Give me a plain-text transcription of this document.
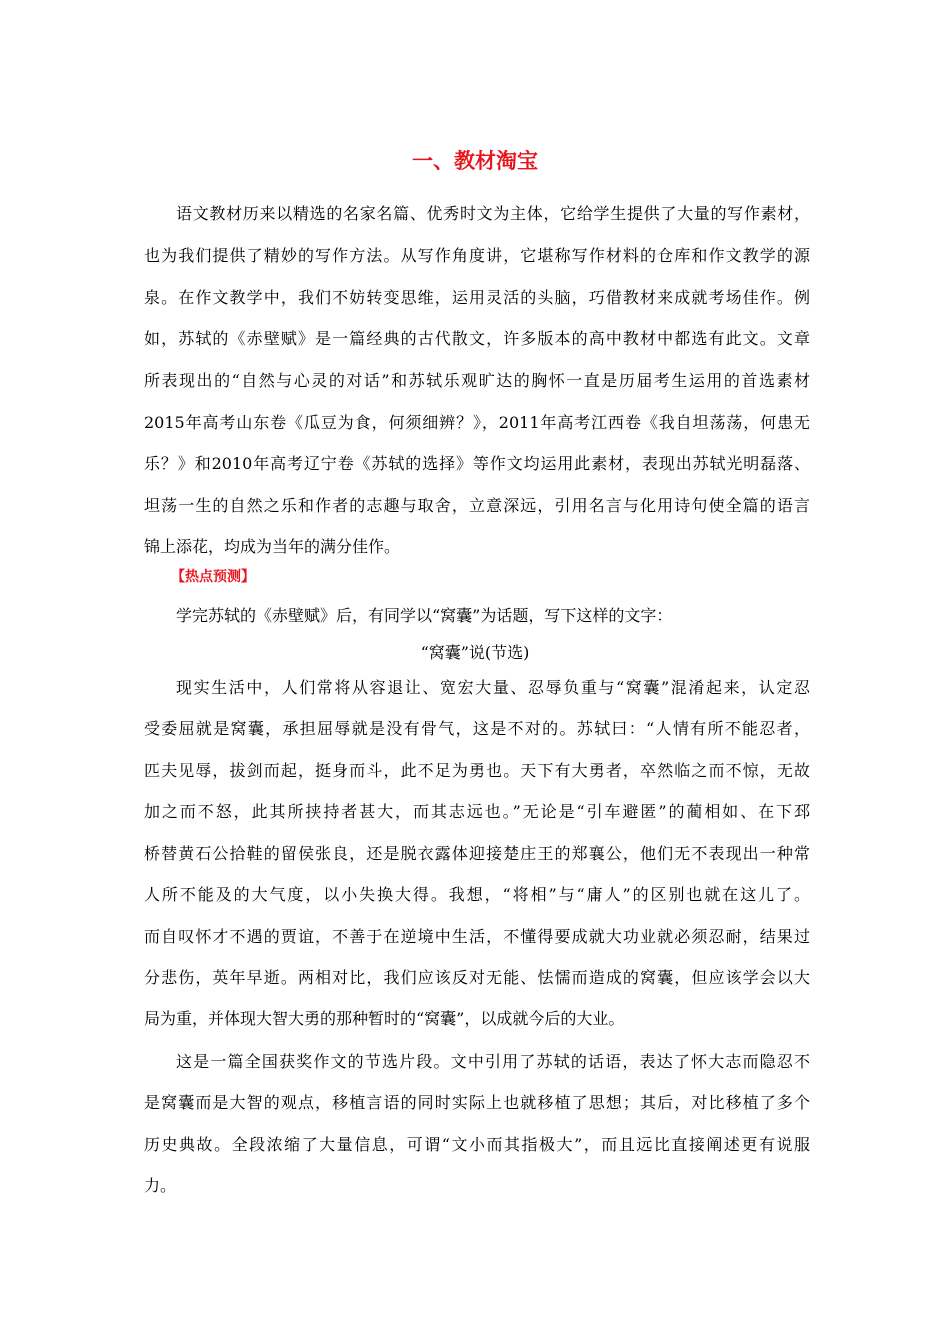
一、教材淘宝

语文教材历来以精选的名家名篇、优秀时文为主体，它给学生提供了大量的写作素材，

也为我们提供了精妙的写作方法。从写作角度讲，它堪称写作材料的仓库和作文教学的源

泉。在作文教学中，我们不妨转变思维，运用灵活的头脑，巧借教材来成就考场佳作。例

如，苏轼的《赤壁赋》是一篇经典的古代散文，许多版本的高中教材中都选有此文。文章

所表现出的“自然与心灵的对话”和苏轼乐观旷达的胸怀一直是历届考生运用的首选素材

2015年高考山东卷《瓜豆为食，何须细辨？》，2011年高考江西卷《我自坦荡荡，何患无

乐？》和2010年高考辽宁卷《苏轼的选择》等作文均运用此素材，表现出苏轼光明磊落、

坦荡一生的自然之乐和作者的志趣与取舍，立意深远，引用名言与化用诗句使全篇的语言

锦上添花，均成为当年的满分佳作。

【热点预测】

学完苏轼的《赤壁赋》后，有同学以“窝囊”为话题，写下这样的文字：

“窝囊”说(节选)

现实生活中，人们常将从容退让、宽宏大量、忍辱负重与“窝囊”混淆起来，认定忍

受委屈就是窝囊，承担屈辱就是没有骨气，这是不对的。苏轼曰：“人情有所不能忍者，

匹夫见辱，拔剑而起，挺身而斗，此不足为勇也。天下有大勇者，卒然临之而不惊，无故

加之而不怒，此其所挟持者甚大，而其志远也。”无论是“引车避匿”的蔺相如、在下邳

桥替黄石公拾鞋的留侯张良，还是脱衣露体迎接楚庄王的郑襄公，他们无不表现出一种常

人所不能及的大气度，以小失换大得。我想，“将相”与“庸人”的区别也就在这儿了。

而自叹怀才不遇的贾谊，不善于在逆境中生活，不懂得要成就大功业就必须忍耐，结果过

分悲伤，英年早逝。两相对比，我们应该反对无能、怯懦而造成的窝囊，但应该学会以大

局为重，并体现大智大勇的那种暂时的“窝囊”，以成就今后的大业。

这是一篇全国获奖作文的节选片段。文中引用了苏轼的话语，表达了怀大志而隐忍不

是窝囊而是大智的观点，移植言语的同时实际上也就移植了思想；其后，对比移植了多个

历史典故。全段浓缩了大量信息，可谓“文小而其指极大”，而且远比直接阐述更有说服

力。
